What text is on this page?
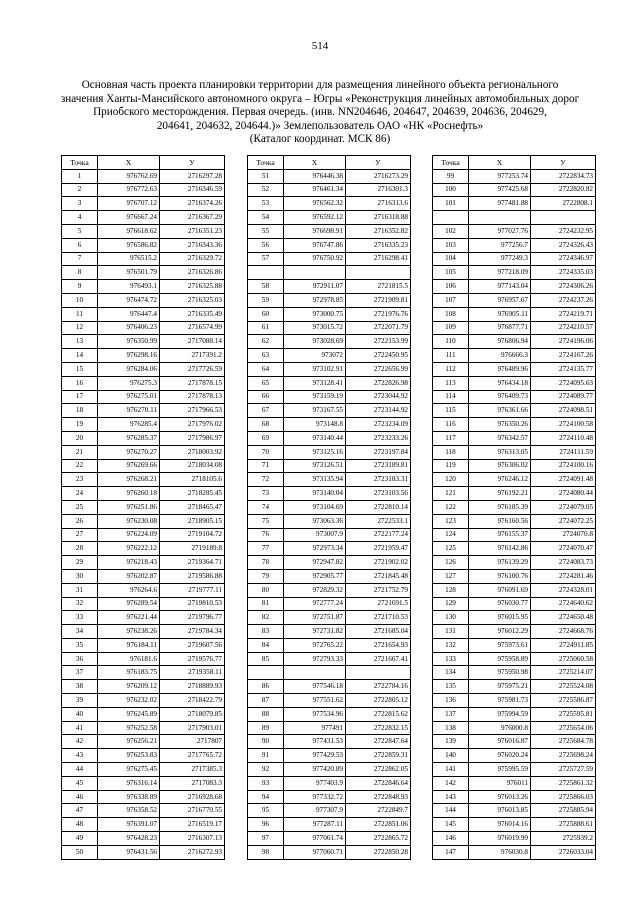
514
Основная часть проекта планировки территории для размещения линейного объекта регионального
значения Ханты-Мансийского автономного округа – Югры «Реконструкция линейных автомобильных дорог
Приобского месторождения. Первая очередь. (инв. NN204646, 204647, 204639, 204636, 204629,
204641, 204632, 204644.)» Землепользователь ОАО «НК «Роснефть»
(Каталог координат. МСК 86)
Точка	X	У
1	976762.69	2716297.28
2	976772.63	2716346.59
3	976707.12	2716374.26
4	976667.24	2716367.29
5	976618.62	2716351.23
6	976586.82	2716343.36
7	976515.2	2716329.72
8	976501.79	2716326.86
9	976493.1	2716325.88
10	976474.72	2716325.03
11	976447.4	2716335.49
12	976406.23	2716574.99
13	976350.99	2717088.14
14	976298.16	2717391.2
15	976284.06	2717726.59
16	976275.3	2717878.15
17	976275.01	2717878.13
18	976270.11	2717966.53
19	976285.4	2717976.02
20	976285.37	2717986.97
21	976270.27	2718003.92
22	976269.66	2718034.08
23	976268.21	2718105.6
24	976260.18	2718285.45
25	976251.86	2718465.47
26	976230.08	2718905.15
27	976224.09	2719104.72
28	976222.12	2719189.8
29	976218.43	2719364.71
30	976202.87	2719586.88
31	976264.6	2719777.11
32	976289.54	2719810.53
33	976221.44	2719796.77
34	976238.26	2719784.34
35	976184.11	2719607.56
36	976181.6	2719576.77
37	976183.75	2719358.11
38	976209.12	2718889.93
39	976232.02	2718422.79
40	976245.89	2718079.85
41	976252.58	2717903.01
42	976256.21	2717807
43	976253.83	2717765.72
44	976275.45	2717385.3
45	976316.14	2717083.3
46	976338.89	2716928.68
47	976358.52	2716770.55
48	976391.07	2716519.17
49	976428.23	2716307.13
50	976431.56	2716272.93
Точка	X	У
51	976446.38	2716273.29
52	976461.34	2716301.3
53	976562.32	2716313.6
54	976592.12	2716318.88
55	976698.91	2716352.82
56	976747.86	2716335.23
57	976750.92	2716298.41

58	972911.07	2721815.5
59	972978.85	2721909.81
60	973000.75	2721976.76
61	973015.72	2722071.79
62	973028.69	2722153.99
63	973072	2722450.95
64	973102.91	2722656.99
65	973128.41	2722826.98
66	973159.19	2723044.92
67	973167.55	2723144.92
68	973148.8	2723234.09
69	973140.44	2723233.26
70	973125.16	2723197.84
71	973126.51	2723189.81
72	973135.94	2723183.31
73	973140.04	2723103.56
74	973104.69	2722810.14
75	973063.36	2722533.1
76	973007.9	2722177.24
77	972973.34	2721959.47
78	972947.82	2721902.02
79	972905.77	2721845.48
80	972829.32	2721752.79
81	972777.24	2721691.5
82	972751.87	2721710.53
83	972731.82	2721685.04
84	972765.22	2721654.93
85	972793.33	2721667.41

86	977546.18	2722784.16
87	977551.62	2722805.12
88	977534.96	2722815.62
89	977491	2722832.15
90	977431.53	2722847.64
91	977429.53	2722859.31
92	977420.89	2722862.05
93	977403.9	2722846.64
94	977332.72	2722848.93
95	977307.9	2722849.7
96	977287.11	2722851.06
97	977061.74	2722865.72
98	977060.71	2722850.28
Точка	X	У
99	977253.74	2722834.73
100	977425.68	2722820.82
101	977481.88	2722808.1

102	977027.76	2724232.95
103	977256.7	2724326.43
104	977249.3	2724346.97
105	977218.09	2724335.03
106	977143.04	2724306.26
107	976957.67	2724237.26
108	976905.11	2724219.71
109	976877.71	2724210.57
110	976806.94	2724196.06
111	976666.3	2724167.26
112	976489.96	2724135.77
113	976434.18	2724095.63
114	976409.73	2724089.77
115	976361.66	2724098.51
116	976350.26	2724100.58
117	976342.57	2724110.48
118	976313.05	2724111.59
119	976306.02	2724100.16
120	976246.12	2724091.48
121	976192.21	2724080.44
122	976185.39	2724079.05
123	976160.56	2724072.25
124	976155.37	2724070.8
125	976142.86	2724070.47
126	976139.29	2724083.73
127	976100.76	2724281.46
128	976091.69	2724328.01
129	976030.77	2724640.62
130	976015.95	2724650.48
131	976012.29	2724668.76
132	975973.61	2724911.85
133	975958.89	2725060.58
134	975950.98	2725214.07
135	975975.21	2725524.08
136	975981.73	2725586.87
137	975994.59	2725595.81
138	976000.8	2725654.06
139	976016.87	2725684.78
140	976020.24	2725698.24
141	975995.59	2725727.59
142	976011	2725861.32
143	976013.26	2725866.03
144	976013.85	2725885.94
145	976014.16	2725888.61
146	976019.99	2725939.2
147	976030.8	2726033.04
